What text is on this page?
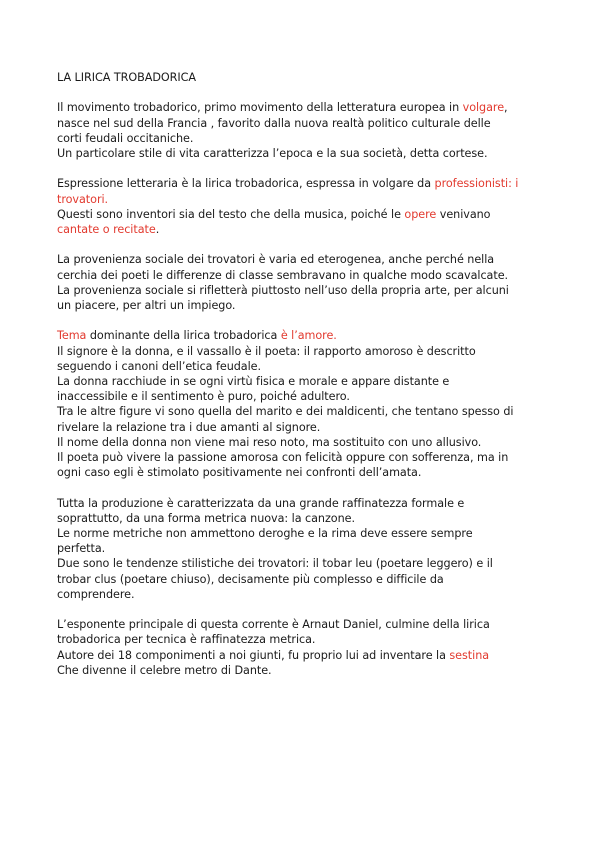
LA LIRICA TROBADORICA

Il movimento trobadorico, primo movimento della letteratura europea in volgare,

nasce nel sud della Francia , favorito dalla nuova realtà politico culturale delle

corti feudali occitaniche.

Un particolare stile di vita caratterizza l’epoca e la sua società, detta cortese.

Espressione letteraria è la lirica trobadorica, espressa in volgare da professionisti: i

trovatori.

Questi sono inventori sia del testo che della musica, poiché le opere venivano

cantate o recitate.

La provenienza sociale dei trovatori è varia ed eterogenea, anche perché nella

cerchia dei poeti le differenze di classe sembravano in qualche modo scavalcate.

La provenienza sociale si rifletterà piuttosto nell’uso della propria arte, per alcuni

un piacere, per altri un impiego.

Tema dominante della lirica trobadorica è l’amore.

Il signore è la donna, e il vassallo è il poeta: il rapporto amoroso è descritto

seguendo i canoni dell’etica feudale.

La donna racchiude in se ogni virtù fisica e morale e appare distante e

inaccessibile e il sentimento è puro, poiché adultero.

Tra le altre figure vi sono quella del marito e dei maldicenti, che tentano spesso di

rivelare la relazione tra i due amanti al signore.

Il nome della donna non viene mai reso noto, ma sostituito con uno allusivo.

Il poeta può vivere la passione amorosa con felicità oppure con sofferenza, ma in

ogni caso egli è stimolato positivamente nei confronti dell’amata.

Tutta la produzione è caratterizzata da una grande raffinatezza formale e

soprattutto, da una forma metrica nuova: la canzone.

Le norme metriche non ammettono deroghe e la rima deve essere sempre

perfetta.

Due sono le tendenze stilistiche dei trovatori: il tobar leu (poetare leggero) e il

trobar clus (poetare chiuso), decisamente più complesso e difficile da

comprendere.

L’esponente principale di questa corrente è Arnaut Daniel, culmine della lirica

trobadorica per tecnica è raffinatezza metrica.

Autore dei 18 componimenti a noi giunti, fu proprio lui ad inventare la sestina

Che divenne il celebre metro di Dante.
